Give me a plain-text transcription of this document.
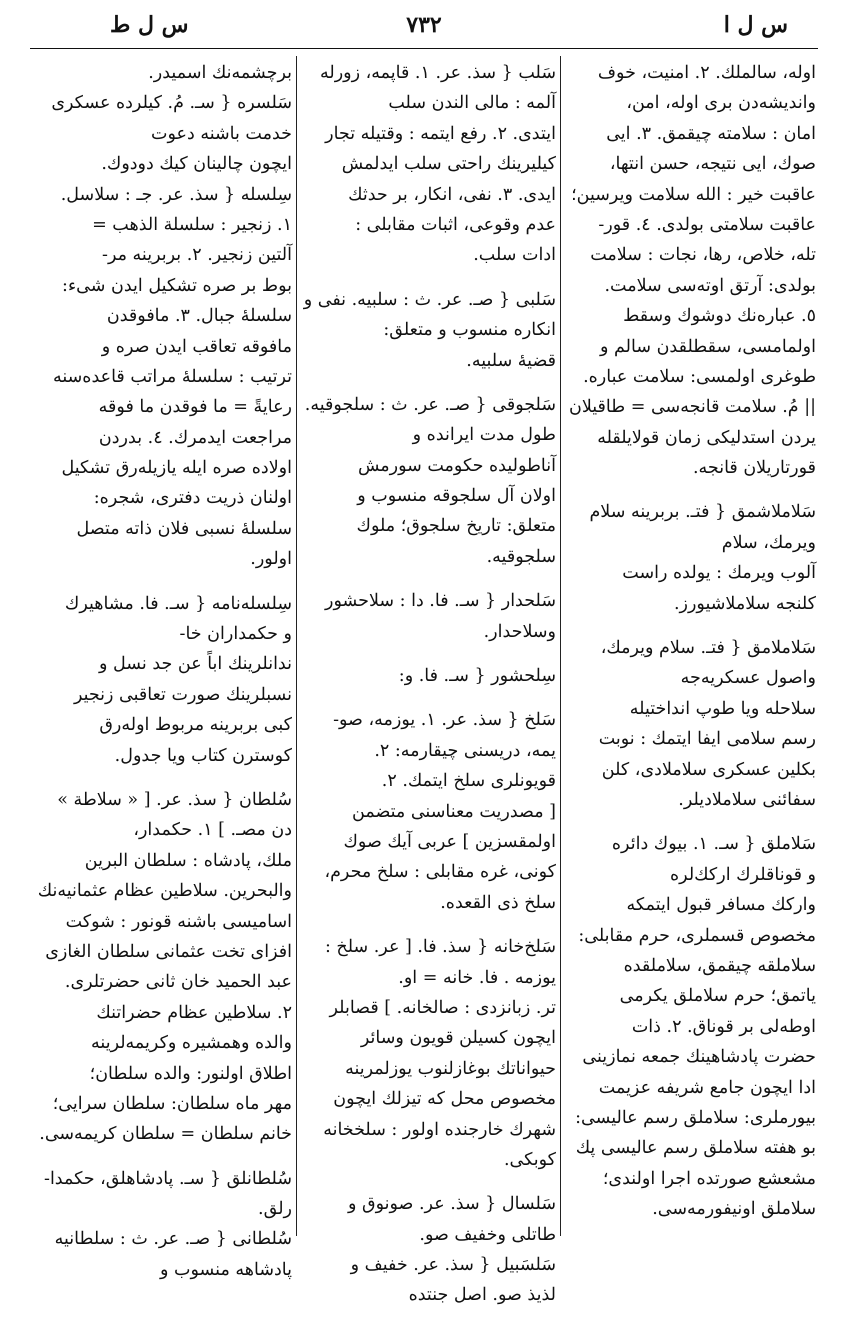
س ل ا
۷۳۲
س ل ط
اوله، سالملك. ۲. امنيت، خوف
واندیشه‌دن بری اوله، امن،
امان : سلامته چیقمق. ۳. ایی
صوك، ايی نتيجه، حسن انتها،
عاقبت خير : الله سلامت ويرسين؛
عاقبت سلامتی بولدی. ٤. قور-
تله، خلاص، رها، نجات : سلامت
بولدی: آرتق اوته‌سی سلامت.
٥. عباره‌نك دوشوك وسقط
اولمامسی، سقطلقدن سالم و
طوغری اولمسی: سلامت عباره.
|| مُ. سلامت قانجه‌سی = طاقیلان
يردن استدلیکی زمان قولایلقله
قورتاریلان قانجه.
سَلاملاشمق { فتـ. بربرینه سلام
ویرمك، سلام
آلوب ويرمك : يولده راست
كلنجه سلاملاشيورز.
سَلاملامق { فتـ. سلام ويرمك،
واصول عسكريه‌جه
سلاحله ويا طوپ انداختيله
رسم سلامی ايفا ايتمك : نوبت
بكلين عسكری سلاملادی، كلن
سفائنی سلاملادیلر.
سَلاملق { سـ. ۱. بيوك دائره
و قوناقلرك اركك‌لره
واركك مسافر قبول ايتمكه
مخصوص قسملری، حرم مقابلی:
سلاملقه چيقمق، سلاملقده
ياتمق؛ حرم سلاملق يكرمی
اوطه‌لی بر قوناق. ۲. ذات
حضرت پادشاهينك جمعه نمازينی
ادا ايچون جامع شريفه عزيمت
بيورملری: سلاملق رسم عاليسی:
بو هفته سلاملق رسم عاليسی پك
مشعشع صورتده اجرا اولندی؛
سلاملق اونيفورمه‌سی.
سَلب { سذ. عر. ۱. قاپمه، زورله
آلمه : مالی الندن سلب
ايتدی. ۲. رفع ايتمه : وقتيله تجار
كيليرينك راحتی سلب ايدلمش
ايدی. ۳. نفی، انكار، بر حدثك
عدم وقوعی، اثبات مقابلی :
ادات سلب.
سَلبی { صـ. عر. ث : سلبيه. نفی و
انكاره منسوب و متعلق:
قضيۀ سلبيه.
سَلجوقی { صـ. عر. ث : سلجوقيه.
طول مدت ايرانده و
آناطوليده حكومت سورمش
اولان آل سلجوقه منسوب و
متعلق: تاريخ سلجوق؛ ملوك
سلجوقيه.
سَلحدار { سـ. فا. دا : سلاحشور
وسلاحدار.
سِلحشور { سـ. فا. و:
سَلخ { سذ. عر. ۱. يوزمه، صو-
يمه، دريسنی چيقارمه: ۲.
قويونلری سلخ ايتمك. ۲.
[ مصدريت معناسنی متضمن
اولمقسزين ] عربی آيك صوك
كونی، غره مقابلی : سلخ محرم،
سلخ ذی القعده.
سَلخ‌خانه { سذ. فا. [ عر. سلخ :
يوزمه . فا. خانه = او.
تر. زبانزدی : صالخانه. ] قصابلر
ايچون كسيلن قويون وسائر
حيواناتك بوغازلنوب يوزلمرينه
مخصوص محل كه تيزلك ايچون
شهرك خارجنده اولور : سلخخانه
كوبكی.
سَلسال { سذ. عر. صونوق و
طاتلی وخفيف صو.
سَلسَبيل { سذ. عر. خفيف و
لذيذ صو. اصل جنتده
برچشمه‌نك اسميدر.
سَلسره { سـ. مُ. كيلرده عسكری
خدمت باشنه دعوت
ايچون چالينان كيك دودوك.
سِلسله { سذ. عر. جـ : سلاسل.
۱. زنجير : سلسلة الذهب =
آلتين زنجير. ۲. بربرينه مر-
بوط بر صره تشكيل ايدن شیء:
سلسلۀ جبال. ۳. مافوقدن
مافوقه تعاقب ايدن صره و
ترتيب : سلسلۀ مراتب قاعده‌سنه
رعايةً = ما فوقدن ما فوقه
مراجعت ايدمرك. ٤. بدردن
اولاده صره ايله يازيله‌رق تشكيل
اولنان ذريت دفتری، شجره:
سلسلۀ نسبی فلان ذاته متصل
اولور.
سِلسله‌نامه { سـ. فا. مشاهيرك
و حكمداران خا-
ندانلرينك اباً عن جد نسل و
نسبلرينك صورت تعاقبی زنجير
كبی بربرينه مربوط اوله‌رق
كوسترن كتاب ويا جدول.
سُلطان { سذ. عر. [ « سلاطة »
دن مصـ. ] ۱. حكمدار،
ملك، پادشاه : سلطان البرين
والبحرين. سلاطين عظام عثمانيه‌نك
اسامیسی باشنه قونور : شوكت
افزای تخت عثمانی سلطان الغازی
عبد الحميد خان ثانی حضرتلری.
۲. سلاطين عظام حضراتنك
والده وهمشيره وكريمه‌لرينه
اطلاق اولنور: والده سلطان؛
مهر ماه سلطان: سلطان سرايی؛
خانم سلطان = سلطان كريمه‌سی.
سُلطانلق { سـ. پادشاهلق، حكمدا-
رلق.
سُلطانی { صـ. عر. ث : سلطانيه
پادشاهه منسوب و
